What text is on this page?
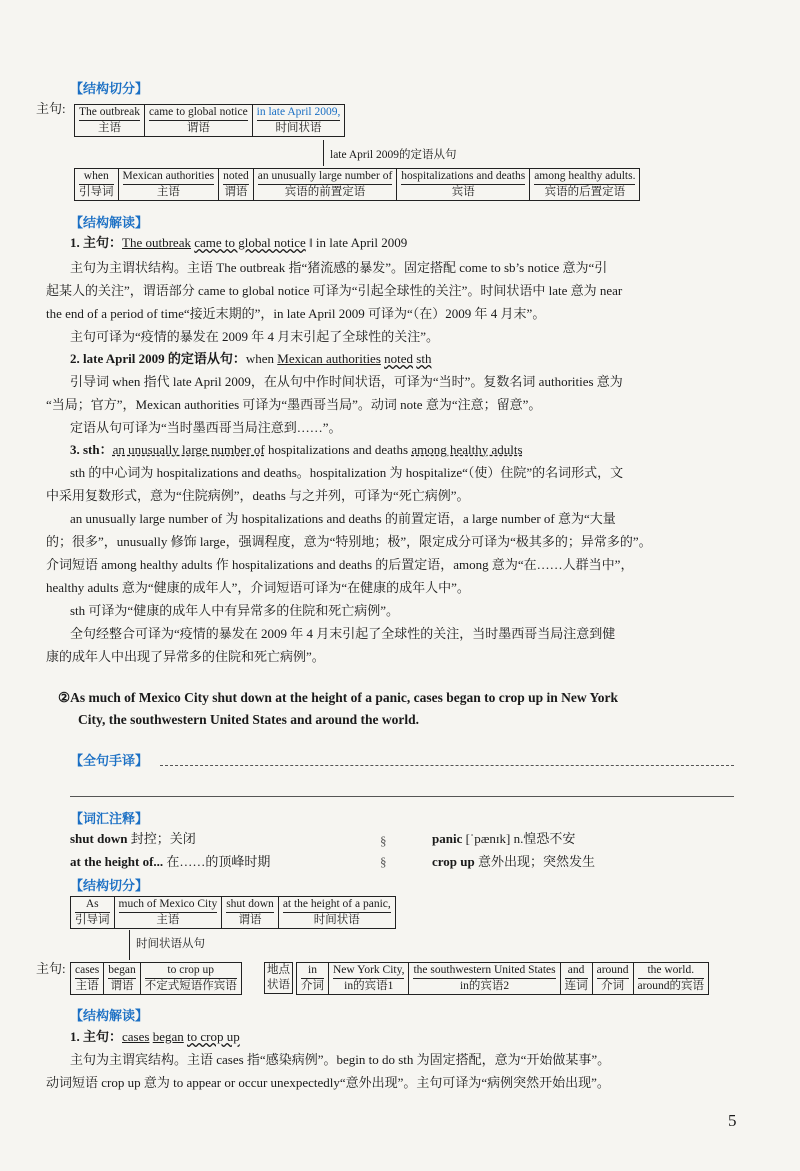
【结构切分】
主句: The outbreak
主语
came to global notice
谓语
in late April 2009,
时间状语
late April 2009的定语从句
when
引导词
Mexican authorities
主语
noted
谓语
an unusually large number of
宾语的前置定语
hospitalizations and deaths
宾语
among healthy adults.
宾语的后置定语
【结构解读】
1. 主句：The outbreak came to global notice ‖ in late April 2009
主句为主谓状结构。主语 The outbreak 指“猪流感的暴发”。固定搭配 come to sb’s notice 意为“引
起某人的关注”，谓语部分 came to global notice 可译为“引起全球性的关注”。时间状语中 late 意为 near
the end of a period of time“接近末期的”，in late April 2009 可译为“（在）2009 年 4 月末”。
主句可译为“疫情的暴发在 2009 年 4 月末引起了全球性的关注”。
2. late April 2009 的定语从句：when Mexican authorities noted sth
引导词 when 指代 late April 2009，在从句中作时间状语，可译为“当时”。复数名词 authorities 意为
“当局；官方”，Mexican authorities 可译为“墨西哥当局”。动词 note 意为“注意；留意”。
定语从句可译为“当时墨西哥当局注意到……”。
3. sth：an unusually large number of hospitalizations and deaths among healthy adults
sth 的中心词为 hospitalizations and deaths。hospitalization 为 hospitalize“（使）住院”的名词形式，文
中采用复数形式，意为“住院病例”，deaths 与之并列，可译为“死亡病例”。
an unusually large number of 为 hospitalizations and deaths 的前置定语，a large number of 意为“大量
的；很多”，unusually 修饰 large，强调程度，意为“特别地；极”，限定成分可译为“极其多的；异常多的”。
介词短语 among healthy adults 作 hospitalizations and deaths 的后置定语，among 意为“在……人群当中”，
healthy adults 意为“健康的成年人”，介词短语可译为“在健康的成年人中”。
sth 可译为“健康的成年人中有异常多的住院和死亡病例”。
全句经整合可译为“疫情的暴发在 2009 年 4 月末引起了全球性的关注，当时墨西哥当局注意到健
康的成年人中出现了异常多的住院和死亡病例”。
②As much of Mexico City shut down at the height of a panic, cases began to crop up in New York
City, the southwestern United States and around the world.
【全句手译】
【词汇注释】
shut down 封控；关闭
at the height of... 在……的顶峰时期
§
§
panic [ˈpænɪk] n.惶恐不安
crop up 意外出现；突然发生
【结构切分】
As
引导词
much of Mexico City
主语
shut down
谓语
at the height of a panic,
时间状语
时间状语从句
主句: cases
主语
began
谓语
to crop up
不定式短语作宾语
地点
状语
in
介词
New York City,
in的宾语1
the southwestern United States
in的宾语2
and
连词
around
介词
the world.
around的宾语
【结构解读】
1. 主句：cases began to crop up
主句为主谓宾结构。主语 cases 指“感染病例”。begin to do sth 为固定搭配，意为“开始做某事”。
动词短语 crop up 意为 to appear or occur unexpectedly“意外出现”。主句可译为“病例突然开始出现”。
5
